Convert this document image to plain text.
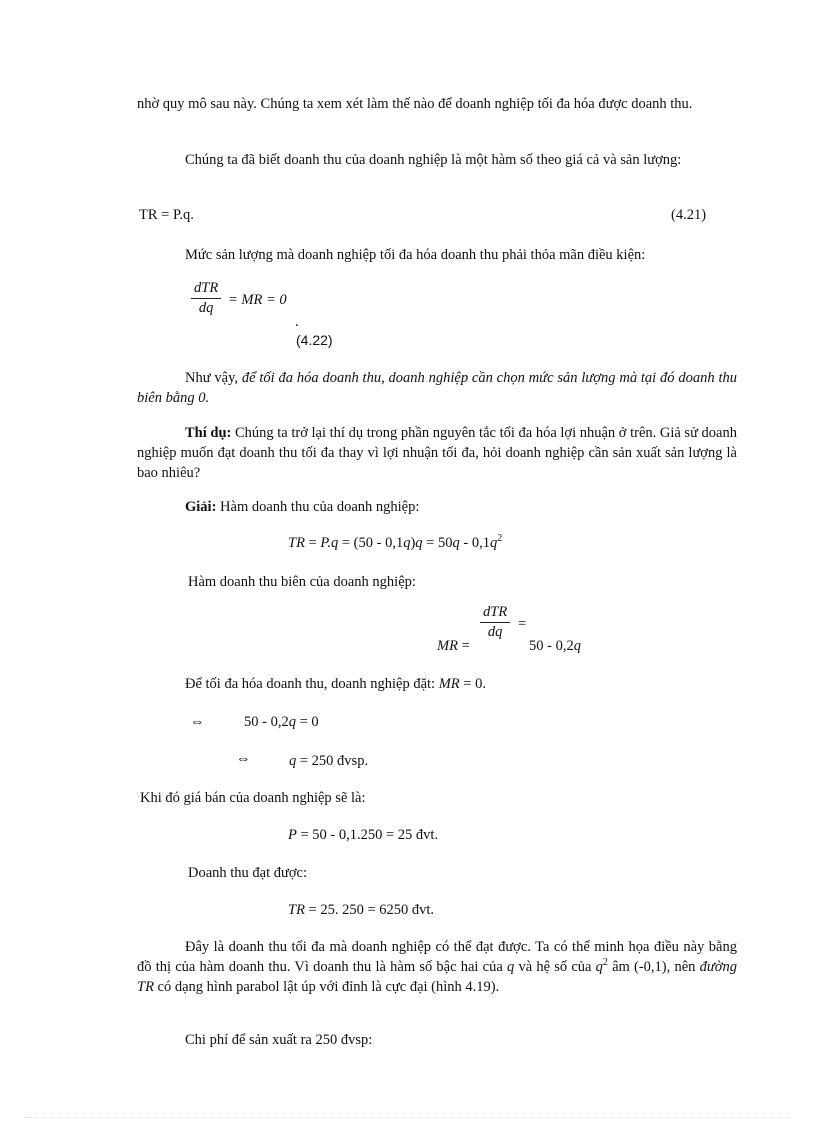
nhờ quy mô sau này. Chúng ta xem xét làm thế nào để doanh nghiệp tối đa hóa được doanh thu.

Chúng ta đã biết doanh thu của doanh nghiệp là một hàm số theo giá cả và sản lượng:

TR = P.q.	(4.21)

Mức sản lượng mà doanh nghiệp tối đa hóa doanh thu phải thỏa mãn điều kiện:

dTR
dq	= MR = 0
.
(4.22)

Như vậy, để tối đa hóa doanh thu, doanh nghiệp cần chọn mức sản lượng mà tại đó doanh thu biên bằng 0.

Thí dụ: Chúng ta trở lại thí dụ trong phần nguyên tắc tối đa hóa lợi nhuận ở trên. Giả sử doanh nghiệp muốn đạt doanh thu tối đa thay vì lợi nhuận tối đa, hỏi doanh nghiệp cần sản xuất sản lượng là bao nhiêu?

Giải: Hàm doanh thu của doanh nghiệp:
TR = $P.q = (50 - 0,1q)q = 50q - 0,1q^2$
Hàm doanh thu biên của doanh nghiệp:
MR =
dTR
dq	=
50 - 0,2q
Để tối đa hóa doanh thu, doanh nghiệp đặt: MR = 0.
⇔	50 - 0,2q = 0
⇔	q = 250 đvsp.
Khi đó giá bán của doanh nghiệp sẽ là:
P = 50 - 0,1.250 = 25 đvt.
Doanh thu đạt được:
TR = 25. 250 = 6250 đvt.

Đây là doanh thu tối đa mà doanh nghiệp có thể đạt được. Ta có thể minh họa điều này bằng đồ thị của hàm doanh thu. Vì doanh thu là hàm số bậc hai của q và hệ số của $q^2$ âm (-0,1), nên đường TR có dạng hình parabol lật úp với đỉnh là cực đại (hình 4.19).

Chi phí để sản xuất ra 250 đvsp:
